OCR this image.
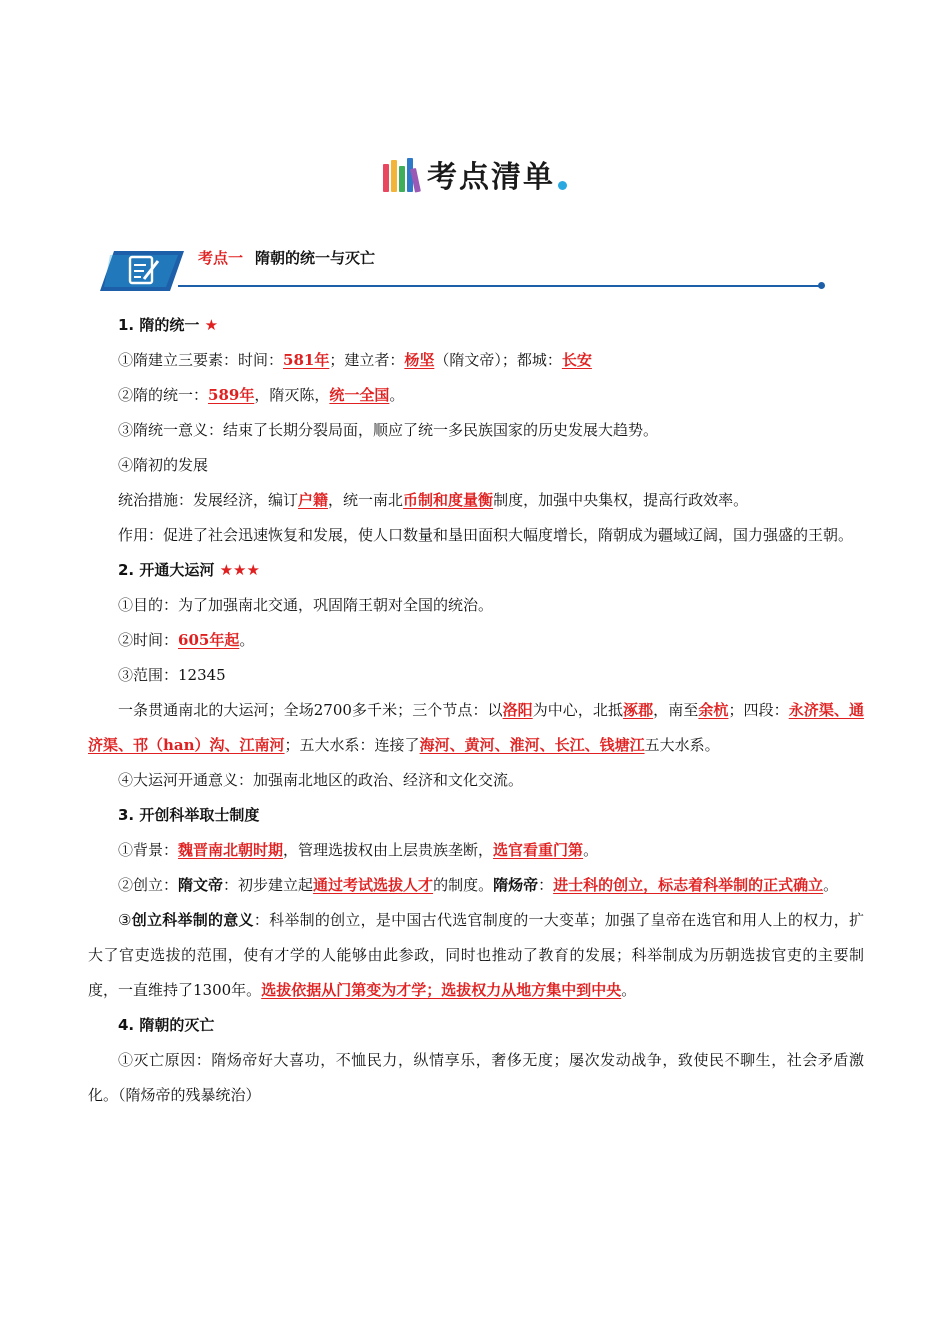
考点清单
考点一 隋朝的统一与灭亡

1. 隋的统一 ★

①隋建立三要素：时间：581年；建立者：杨坚（隋文帝）；都城：长安

②隋的统一：589年，隋灭陈，统一全国。

③隋统一意义：结束了长期分裂局面，顺应了统一多民族国家的历史发展大趋势。

④隋初的发展

统治措施：发展经济，编订户籍，统一南北币制和度量衡制度，加强中央集权，提高行政效率。

作用：促进了社会迅速恢复和发展，使人口数量和垦田面积大幅度增长，隋朝成为疆域辽阔，国力强盛的王朝。

2. 开通大运河 ★★★

①目的：为了加强南北交通，巩固隋王朝对全国的统治。

②时间：605年起。

③范围：12345

一条贯通南北的大运河；全场2700多千米；三个节点：以洛阳为中心，北抵涿郡，南至余杭；四段：永济渠、通济渠、邗（han）沟、江南河；五大水系：连接了海河、黄河、淮河、长江、钱塘江五大水系。

④大运河开通意义：加强南北地区的政治、经济和文化交流。

3. 开创科举取士制度

①背景：魏晋南北朝时期，管理选拔权由上层贵族垄断，选官看重门第。

②创立：隋文帝：初步建立起通过考试选拔人才的制度。隋炀帝：进士科的创立，标志着科举制的正式确立。

③创立科举制的意义：科举制的创立，是中国古代选官制度的一大变革；加强了皇帝在选官和用人上的权力，扩大了官吏选拔的范围，使有才学的人能够由此参政，同时也推动了教育的发展；科举制成为历朝选拔官吏的主要制度，一直维持了1300年。选拔依据从门第变为才学；选拔权力从地方集中到中央。

4. 隋朝的灭亡

①灭亡原因：隋炀帝好大喜功，不恤民力，纵情享乐，奢侈无度；屡次发动战争，致使民不聊生，社会矛盾激化。（隋炀帝的残暴统治）
